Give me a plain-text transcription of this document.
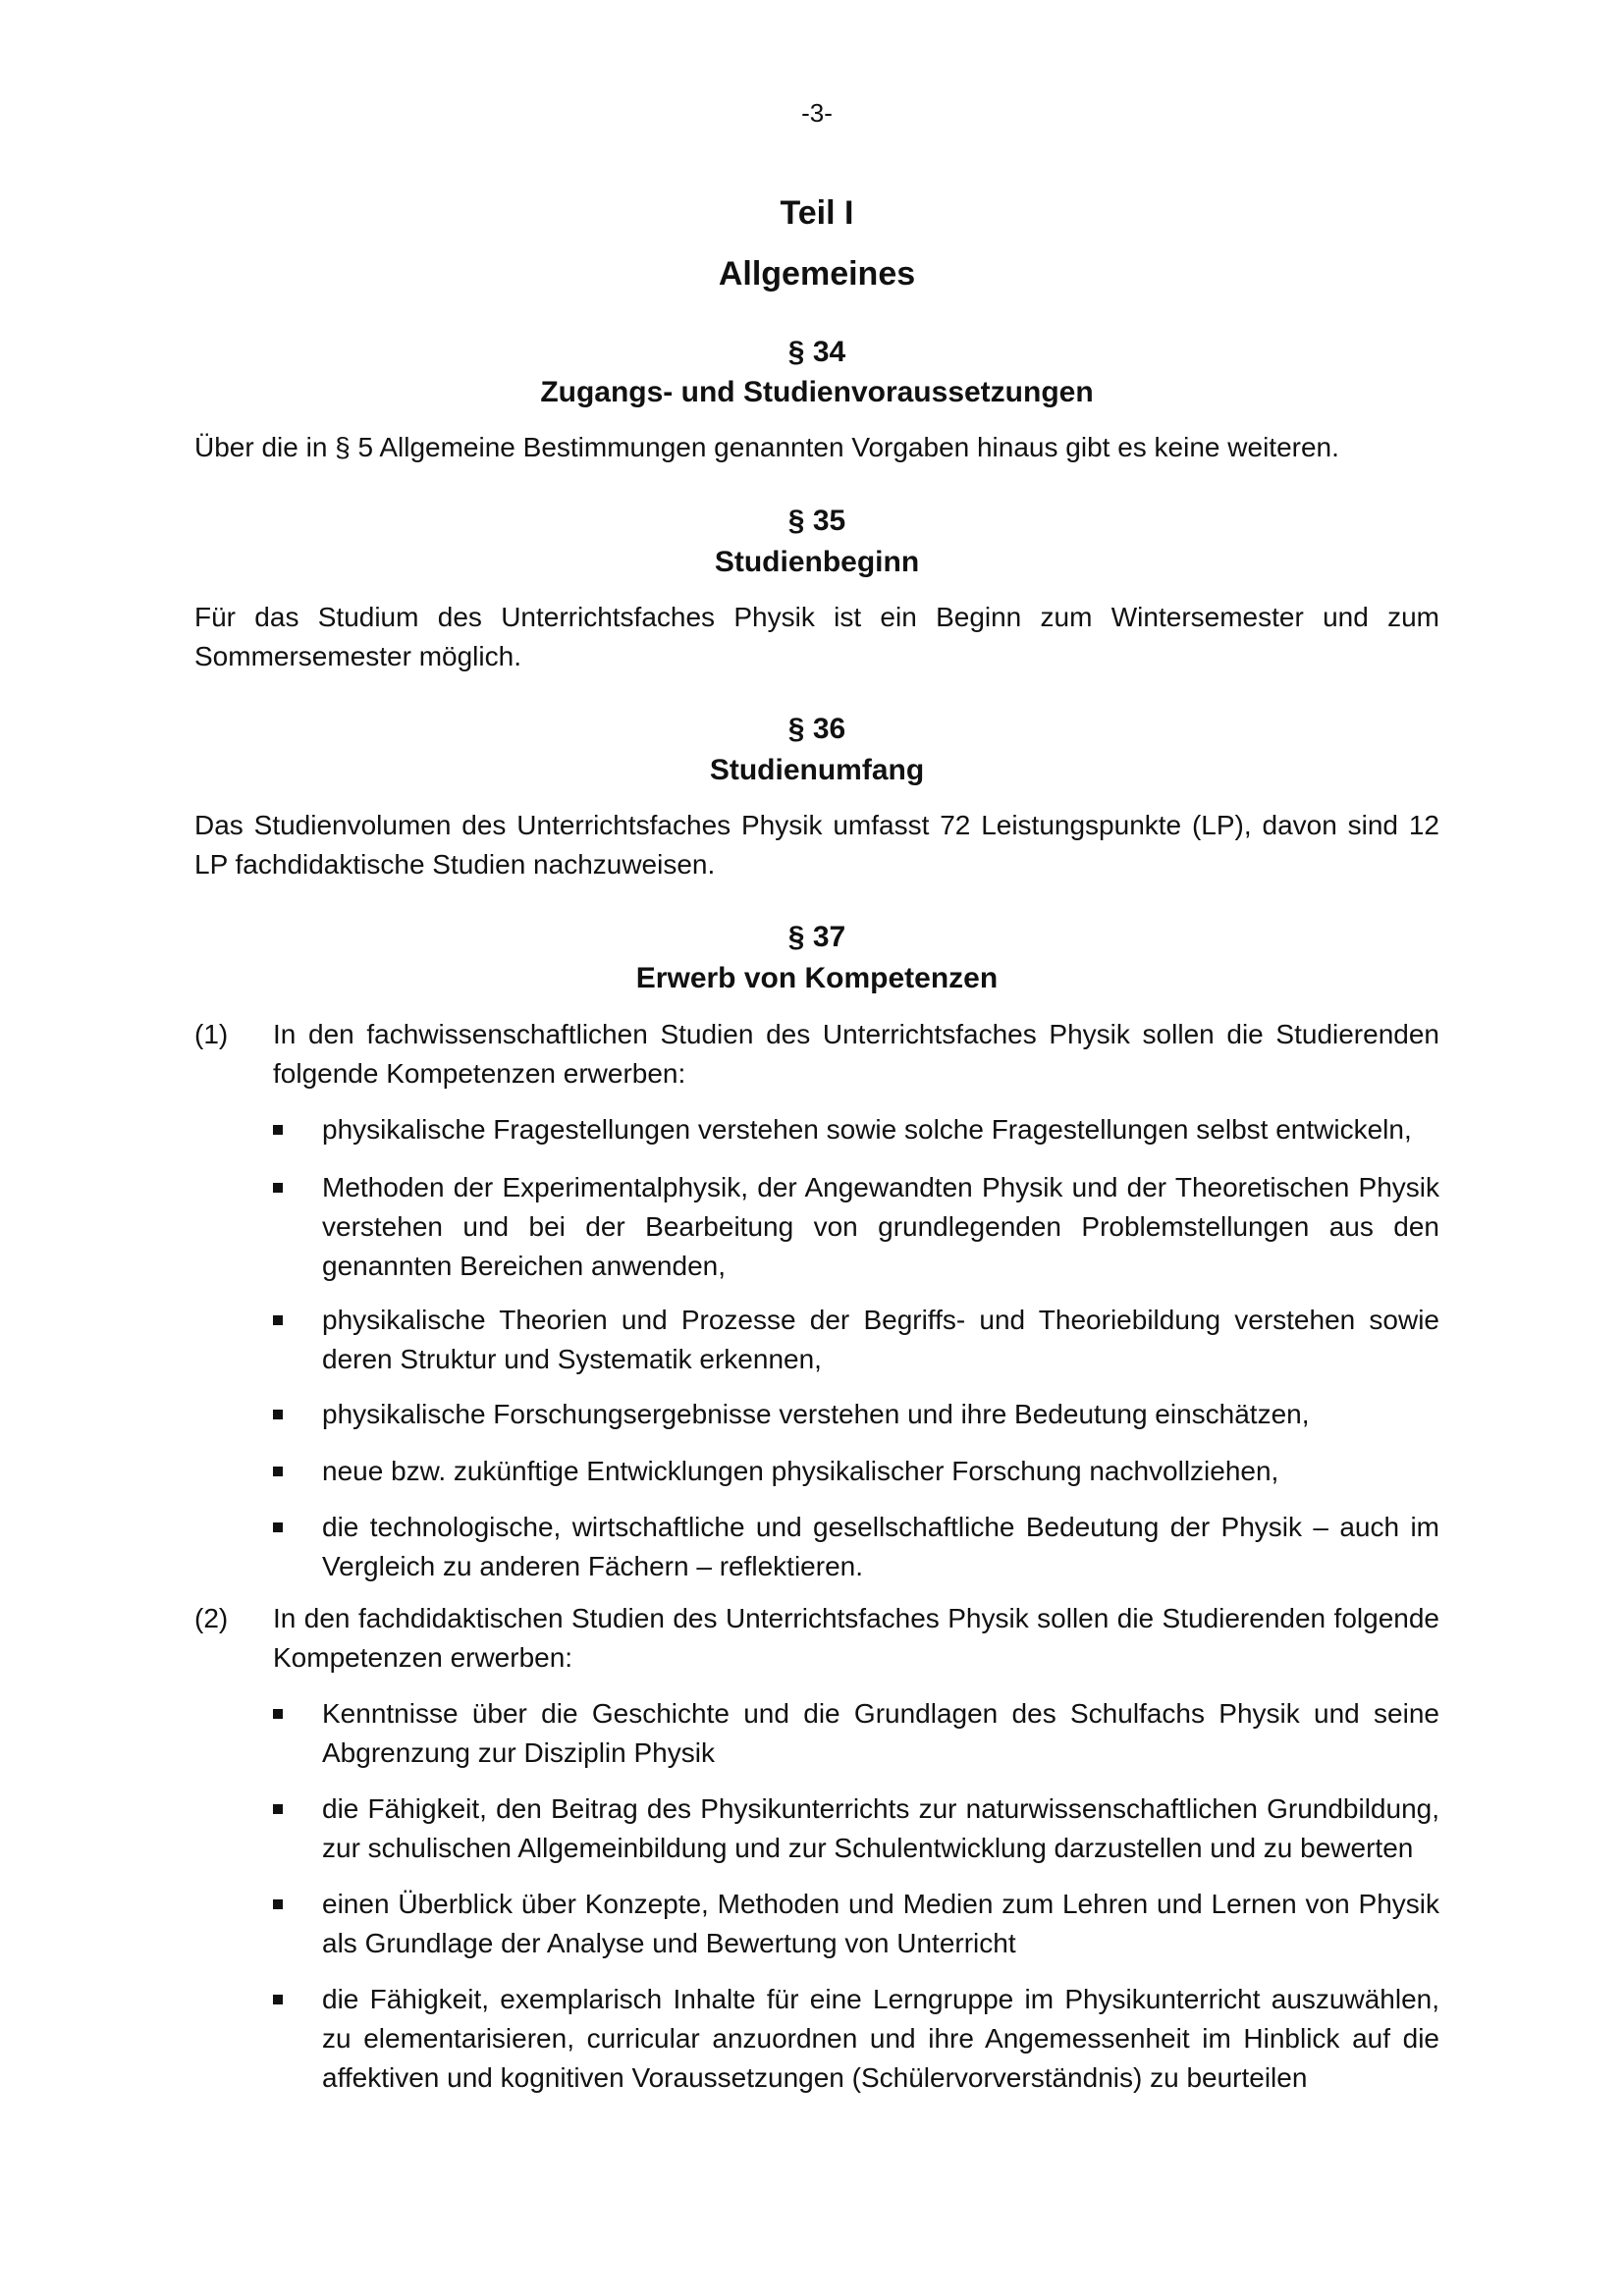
-3-
Teil I
Allgemeines
§ 34
Zugangs- und Studienvoraussetzungen

Über die in § 5 Allgemeine Bestimmungen genannten Vorgaben hinaus gibt es keine weiteren.

§ 35
Studienbeginn

Für das Studium des Unterrichtsfaches Physik ist ein Beginn zum Wintersemester und zum Sommersemester möglich.

§ 36
Studienumfang

Das Studienvolumen des Unterrichtsfaches Physik umfasst 72 Leistungspunkte (LP), davon sind 12 LP fachdidaktische Studien nachzuweisen.

§ 37
Erwerb von Kompetenzen
(1) In den fachwissenschaftlichen Studien des Unterrichtsfaches Physik sollen die Studierenden folgende Kompetenzen erwerben:
physikalische Fragestellungen verstehen sowie solche Fragestellungen selbst entwickeln,
Methoden der Experimentalphysik, der Angewandten Physik und der Theoretischen Physik verstehen und bei der Bearbeitung von grundlegenden Problemstellungen aus den genannten Bereichen anwenden,
physikalische Theorien und Prozesse der Begriffs- und Theoriebildung verstehen sowie deren Struktur und Systematik erkennen,
physikalische Forschungsergebnisse verstehen und ihre Bedeutung einschätzen,
neue bzw. zukünftige Entwicklungen physikalischer Forschung nachvollziehen,
die technologische, wirtschaftliche und gesellschaftliche Bedeutung der Physik – auch im Vergleich zu anderen Fächern – reflektieren.
(2) In den fachdidaktischen Studien des Unterrichtsfaches Physik sollen die Studierenden folgende Kompetenzen erwerben:
Kenntnisse über die Geschichte und die Grundlagen des Schulfachs Physik und seine Abgrenzung zur Disziplin Physik
die Fähigkeit, den Beitrag des Physikunterrichts zur naturwissenschaftlichen Grundbildung, zur schulischen Allgemeinbildung und zur Schulentwicklung darzustellen und zu bewerten
einen Überblick über Konzepte, Methoden und Medien zum Lehren und Lernen von Physik als Grundlage der Analyse und Bewertung von Unterricht
die Fähigkeit, exemplarisch Inhalte für eine Lerngruppe im Physikunterricht auszuwählen, zu elementarisieren, curricular anzuordnen und ihre Angemessenheit im Hinblick auf die affektiven und kognitiven Voraussetzungen (Schülervorverständnis) zu beurteilen
